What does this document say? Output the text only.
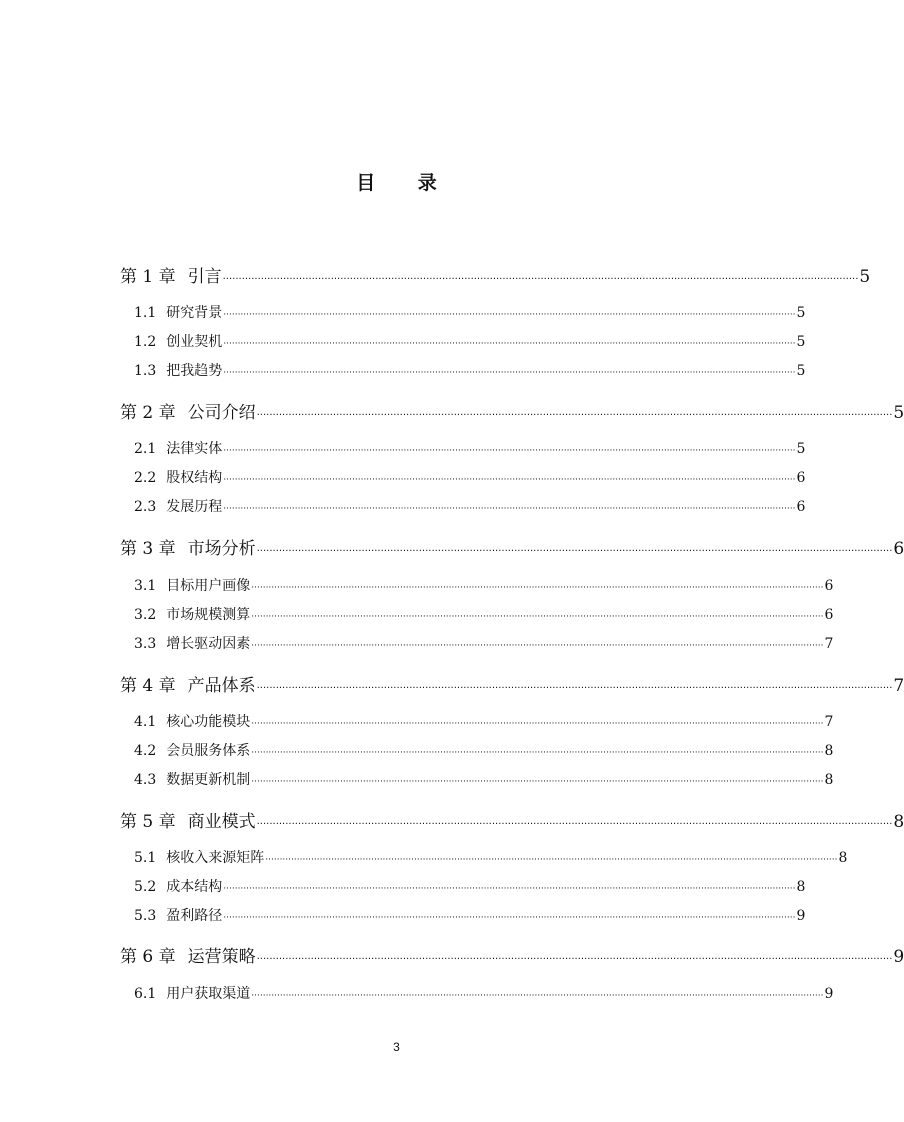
目 录
第 1 章 引言 ········································································································································································································ 5
1.1 研究背景 ········································································································································································································ 5
1.2 创业契机 ········································································································································································································ 5
1.3 把我趋势 ········································································································································································································ 5
第 2 章 公司介绍 ········································································································································································································ 5
2.1 法律实体 ········································································································································································································ 5
2.2 股权结构 ········································································································································································································ 6
2.3 发展历程 ········································································································································································································ 6
第 3 章 市场分析 ········································································································································································································ 6
3.1 目标用户画像 ········································································································································································································ 6
3.2 市场规模测算 ········································································································································································································ 6
3.3 增长驱动因素 ········································································································································································································ 7
第 4 章 产品体系 ········································································································································································································ 7
4.1 核心功能模块 ········································································································································································································ 7
4.2 会员服务体系 ········································································································································································································ 8
4.3 数据更新机制 ········································································································································································································ 8
第 5 章 商业模式 ········································································································································································································ 8
5.1 核收入来源矩阵 ········································································································································································································ 8
5.2 成本结构 ········································································································································································································ 8
5.3 盈利路径 ········································································································································································································ 9
第 6 章 运营策略 ········································································································································································································ 9
6.1 用户获取渠道 ········································································································································································································ 9
3
